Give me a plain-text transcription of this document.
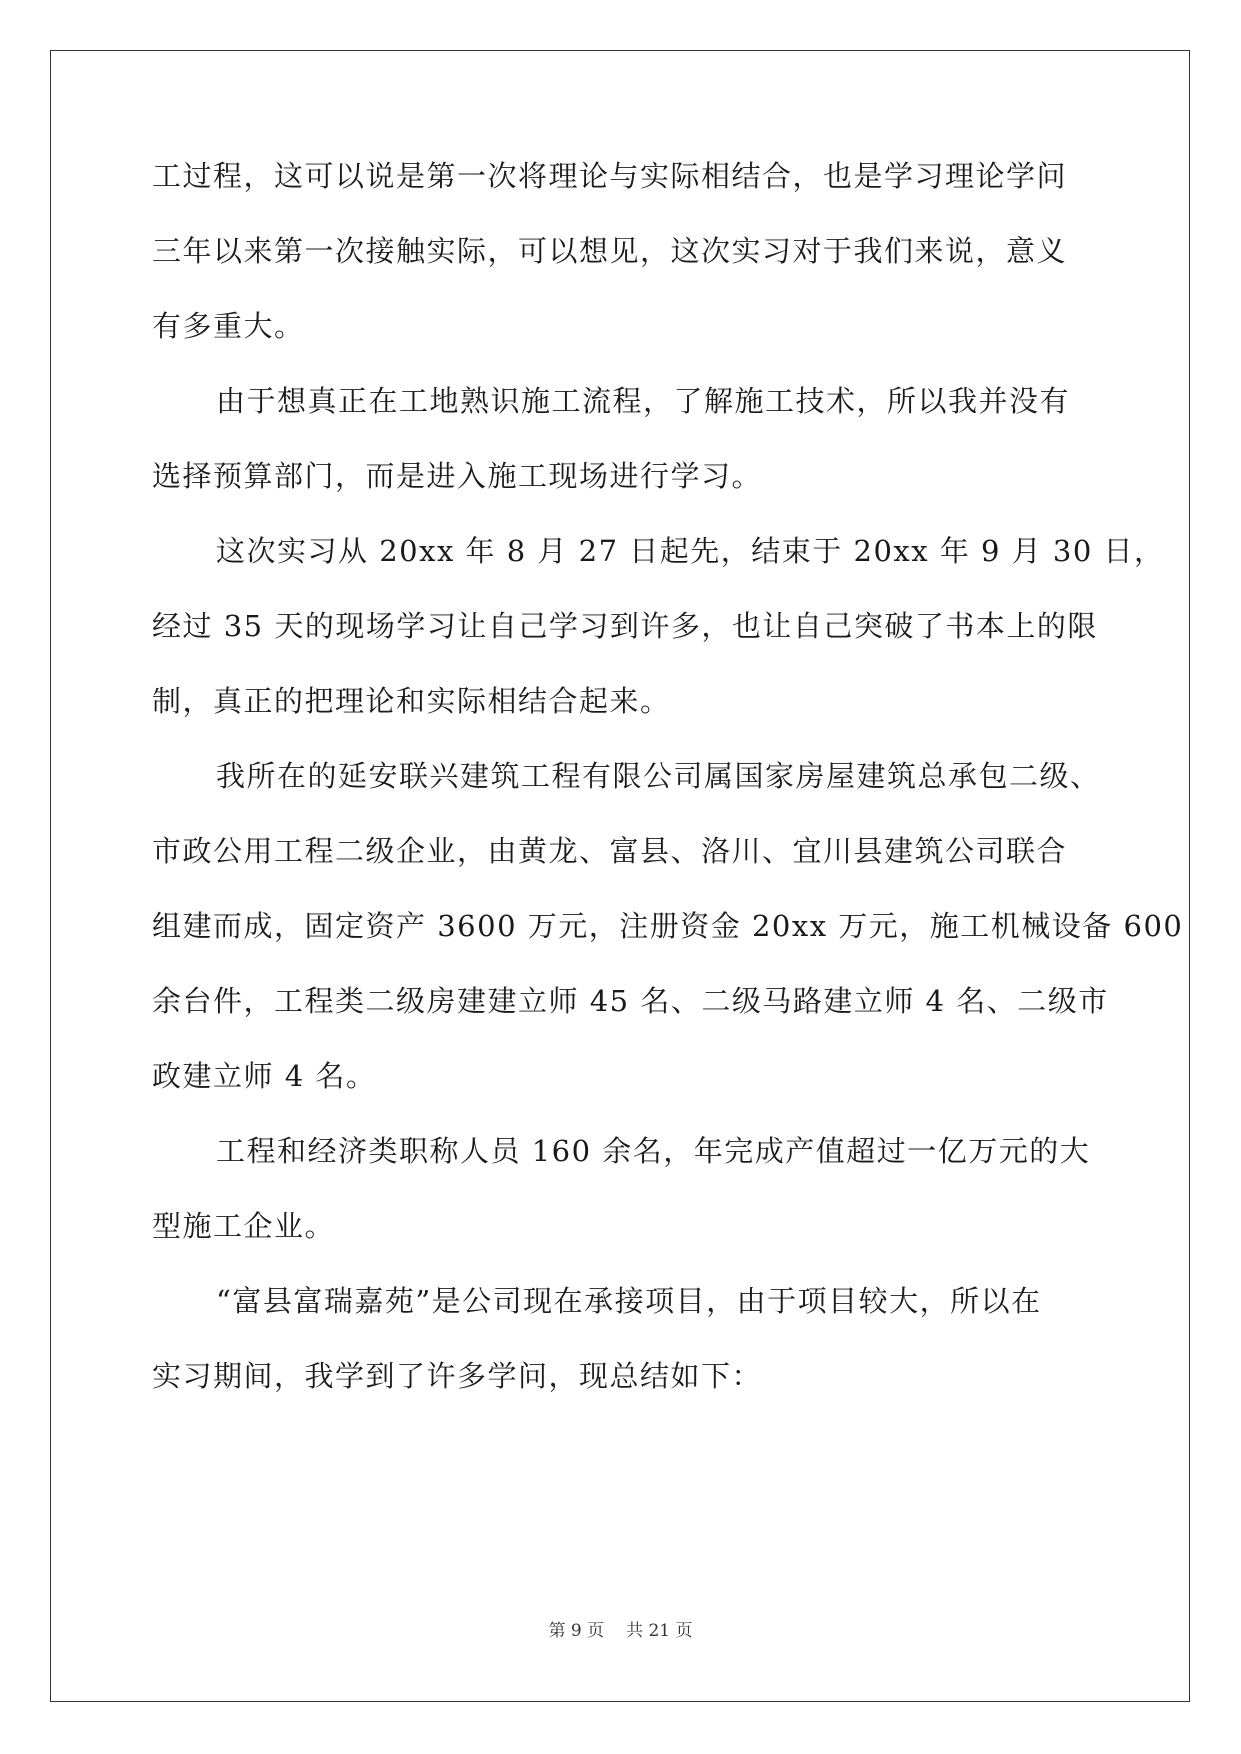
工过程，这可以说是第一次将理论与实际相结合，也是学习理论学问
三年以来第一次接触实际，可以想见，这次实习对于我们来说，意义
有多重大。
由于想真正在工地熟识施工流程，了解施工技术，所以我并没有
选择预算部门，而是进入施工现场进行学习。
这次实习从 20xx 年 8 月 27 日起先，结束于 20xx 年 9 月 30 日，
经过 35 天的现场学习让自己学习到许多，也让自己突破了书本上的限
制，真正的把理论和实际相结合起来。
我所在的延安联兴建筑工程有限公司属国家房屋建筑总承包二级、
市政公用工程二级企业，由黄龙、富县、洛川、宜川县建筑公司联合
组建而成，固定资产 3600 万元，注册资金 20xx 万元，施工机械设备 600
余台件，工程类二级房建建立师 45 名、二级马路建立师 4 名、二级市
政建立师 4 名。
工程和经济类职称人员 160 余名，年完成产值超过一亿万元的大
型施工企业。
“富县富瑞嘉苑”是公司现在承接项目，由于项目较大，所以在
实习期间，我学到了许多学问，现总结如下：
第 9 页 共 21 页
